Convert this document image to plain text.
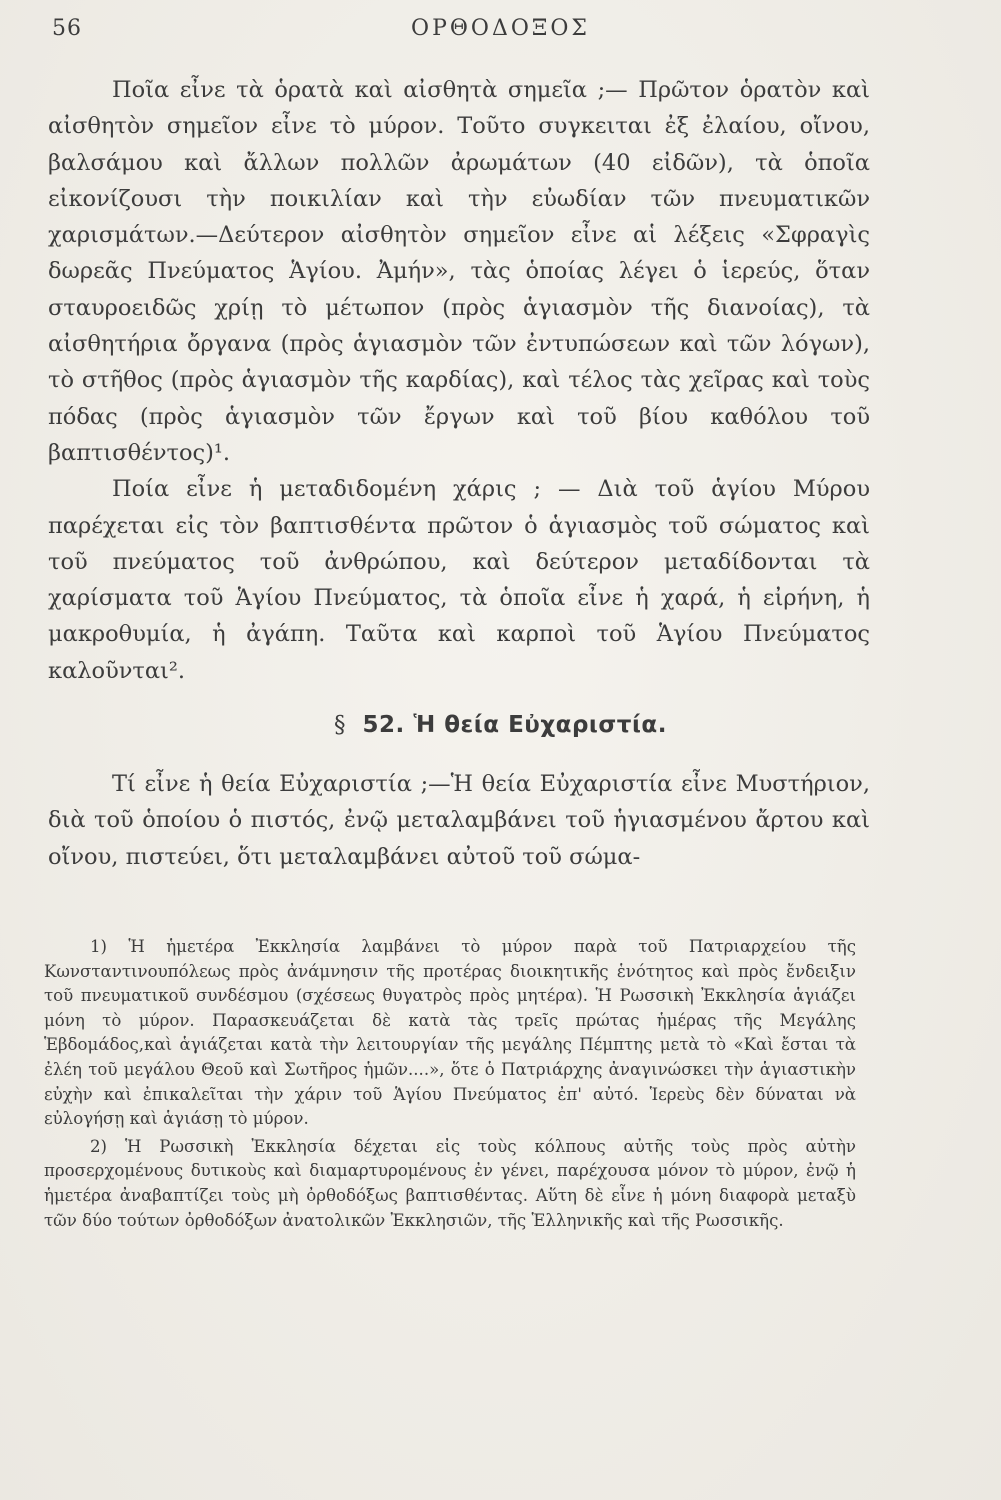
56	ΟΡΘΟΔΟΞΟΣ

Ποῖα εἶνε τὰ ὁρατὰ καὶ αἰσθητὰ σημεῖα ;— Πρῶτον ὁρατὸν καὶ αἰσθητὸν σημεῖον εἶνε τὸ μύρον. Τοῦτο συγκειται ἐξ ἐλαίου, οἴνου, βαλσάμου καὶ ἄλλων πολλῶν ἀρωμάτων (40 εἰδῶν), τὰ ὁποῖα εἰκονίζουσι τὴν ποικιλίαν καὶ τὴν εὐωδίαν τῶν πνευματικῶν χαρισμάτων.—Δεύτερον αἰσθητὸν σημεῖον εἶνε αἱ λέξεις «Σφραγὶς δωρεᾶς Πνεύματος Ἁγίου. Ἀμήν», τὰς ὁποίας λέγει ὁ ἱερεύς, ὅταν σταυροειδῶς χρίῃ τὸ μέτωπον (πρὸς ἁγιασμὸν τῆς διανοίας), τὰ αἰσθητήρια ὄργανα (πρὸς ἁγιασμὸν τῶν ἐντυπώσεων καὶ τῶν λόγων), τὸ στῆθος (πρὸς ἁγιασμὸν τῆς καρδίας), καὶ τέλος τὰς χεῖρας καὶ τοὺς πόδας (πρὸς ἁγιασμὸν τῶν ἔργων καὶ τοῦ βίου καθόλου τοῦ βαπτισθέντος)¹.

Ποία εἶνε ἡ μεταδιδομένη χάρις ; — Διὰ τοῦ ἁγίου Μύρου παρέχεται εἰς τὸν βαπτισθέντα πρῶτον ὁ ἁγιασμὸς τοῦ σώματος καὶ τοῦ πνεύματος τοῦ ἀνθρώπου, καὶ δεύτερον μεταδίδονται τὰ χαρίσματα τοῦ Ἁγίου Πνεύματος, τὰ ὁποῖα εἶνε ἡ χαρά, ἡ εἰρήνη, ἡ μακροθυμία, ἡ ἀγάπη. Ταῦτα καὶ καρποὶ τοῦ Ἁγίου Πνεύματος καλοῦνται².

§ 52. Ἡ θεία Εὐχαριστία.

Τί εἶνε ἡ θεία Εὐχαριστία ;—Ἡ θεία Εὐχαριστία εἶνε Μυστήριον, διὰ τοῦ ὁποίου ὁ πιστός, ἐνῷ μεταλαμβάνει τοῦ ἡγιασμένου ἄρτου καὶ οἴνου, πιστεύει, ὅτι μεταλαμβάνει αὐτοῦ τοῦ σώμα-

1) Ἡ ἡμετέρα Ἐκκλησία λαμβάνει τὸ μύρον παρὰ τοῦ Πατριαρχείου τῆς Κωνσταντινουπόλεως πρὸς ἀνάμνησιν τῆς προτέρας διοικητικῆς ἑνότητος καὶ πρὸς ἔνδειξιν τοῦ πνευματικοῦ συνδέσμου (σχέσεως θυγατρὸς πρὸς μητέρα). Ἡ Ρωσσικὴ Ἐκκλησία ἁγιάζει μόνη τὸ μύρον. Παρασκευάζεται δὲ κατὰ τὰς τρεῖς πρώτας ἡμέρας τῆς Μεγάλης Ἑβδομάδος,καὶ ἁγιάζεται κατὰ τὴν λειτουργίαν τῆς μεγάλης Πέμπτης μετὰ τὸ «Καὶ ἔσται τὰ ἐλέη τοῦ μεγάλου Θεοῦ καὶ Σωτῆρος ἡμῶν....», ὅτε ὁ Πατριάρχης ἀναγινώσκει τὴν ἁγιαστικὴν εὐχὴν καὶ ἐπικαλεῖται τὴν χάριν τοῦ Ἁγίου Πνεύματος ἐπ' αὐτό. Ἱερεὺς δὲν δύναται νὰ εὐλογήσῃ καὶ ἁγιάσῃ τὸ μύρον.

2) Ἡ Ρωσσικὴ Ἐκκλησία δέχεται εἰς τοὺς κόλπους αὐτῆς τοὺς πρὸς αὐτὴν προσερχομένους δυτικοὺς καὶ διαμαρτυρομένους ἐν γένει, παρέχουσα μόνον τὸ μύρον, ἐνῷ ἡ ἡμετέρα ἀναβαπτίζει τοὺς μὴ ὀρθοδόξως βαπτισθέντας. Αὕτη δὲ εἶνε ἡ μόνη διαφορὰ μεταξὺ τῶν δύο τούτων ὀρθοδόξων ἀνατολικῶν Ἐκκλησιῶν, τῆς Ἑλληνικῆς καὶ τῆς Ρωσσικῆς.
